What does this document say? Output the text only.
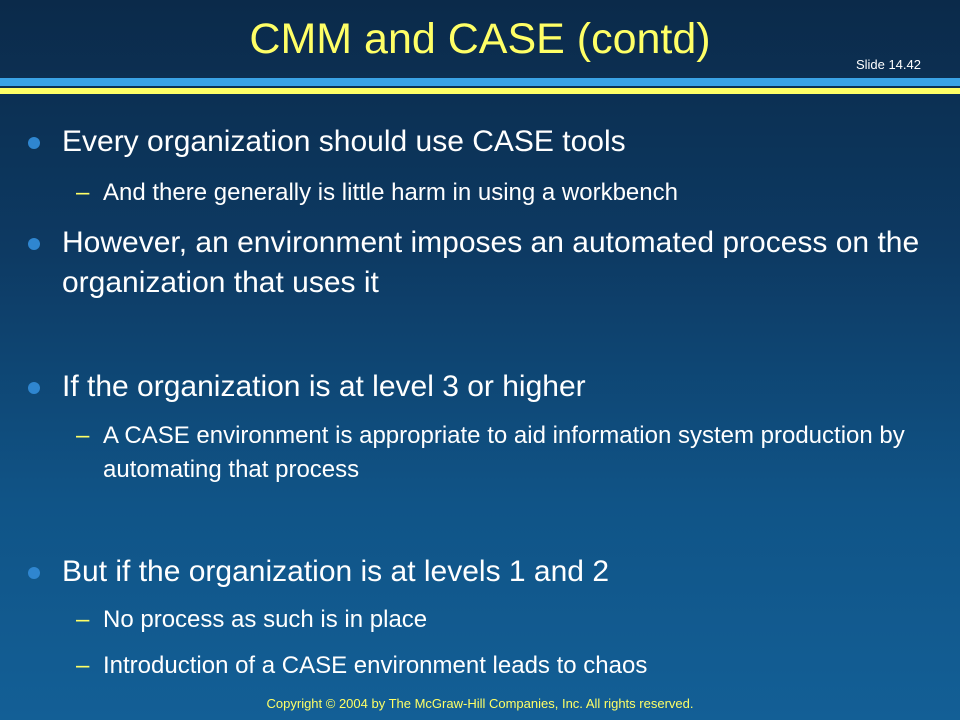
CMM and CASE (contd)
Slide 14.42
Every organization should use CASE tools
– And there generally is little harm in using a workbench
However, an environment imposes an automated process on the organization that uses it
If the organization is at level 3 or higher
– A CASE environment is appropriate to aid information system production by automating that process
But if the organization is at levels 1 and 2
– No process as such is in place
– Introduction of a CASE environment leads to chaos
Copyright © 2004 by The McGraw-Hill Companies, Inc. All rights reserved.
